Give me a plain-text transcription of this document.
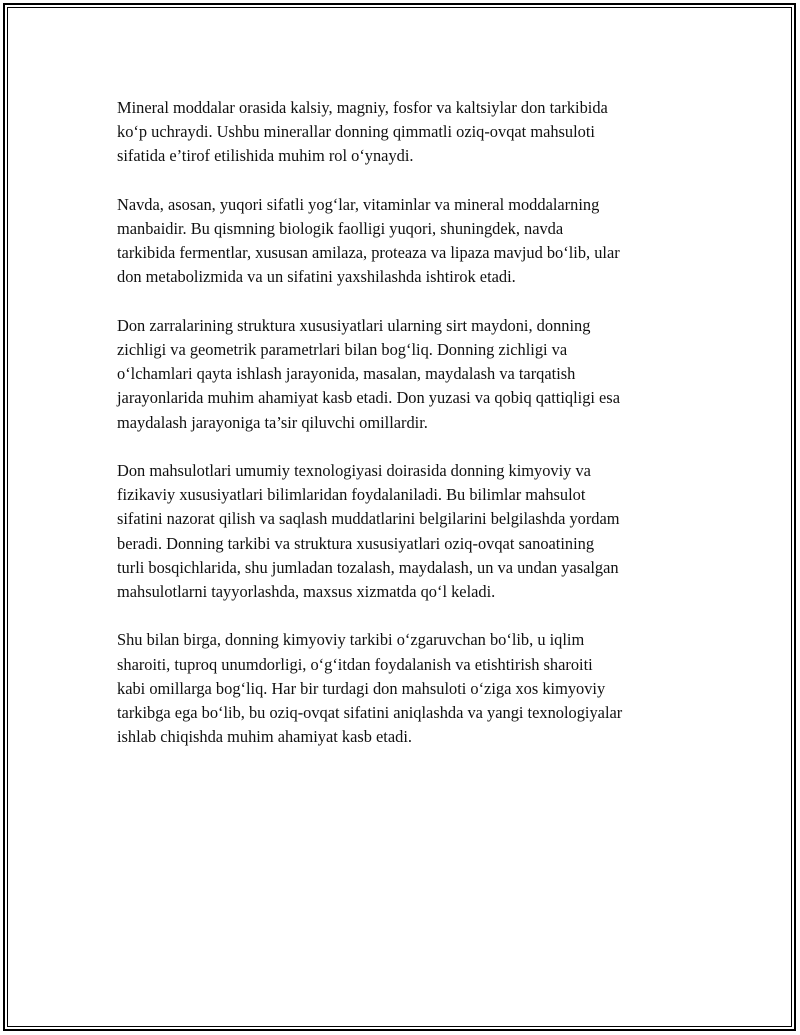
Mineral moddalar orasida kalsiy, magniy, fosfor va kaltsiylar don tarkibida
ko‘p uchraydi. Ushbu minerallar donning qimmatli oziq-ovqat mahsuloti
sifatida e’tirof etilishida muhim rol o‘ynaydi.

Navda, asosan, yuqori sifatli yog‘lar, vitaminlar va mineral moddalarning
manbaidir. Bu qismning biologik faolligi yuqori, shuningdek, navda
tarkibida fermentlar, xususan amilaza, proteaza va lipaza mavjud bo‘lib, ular
don metabolizmida va un sifatini yaxshilashda ishtirok etadi.

Don zarralarining struktura xususiyatlari ularning sirt maydoni, donning
zichligi va geometrik parametrlari bilan bog‘liq. Donning zichligi va
o‘lchamlari qayta ishlash jarayonida, masalan, maydalash va tarqatish
jarayonlarida muhim ahamiyat kasb etadi. Don yuzasi va qobiq qattiqligi esa
maydalash jarayoniga ta’sir qiluvchi omillardir.

Don mahsulotlari umumiy texnologiyasi doirasida donning kimyoviy va
fizikaviy xususiyatlari bilimlaridan foydalaniladi. Bu bilimlar mahsulot
sifatini nazorat qilish va saqlash muddatlarini belgilarini belgilashda yordam
beradi. Donning tarkibi va struktura xususiyatlari oziq-ovqat sanoatining
turli bosqichlarida, shu jumladan tozalash, maydalash, un va undan yasalgan
mahsulotlarni tayyorlashda, maxsus xizmatda qo‘l keladi.

Shu bilan birga, donning kimyoviy tarkibi o‘zgaruvchan bo‘lib, u iqlim
sharoiti, tuproq unumdorligi, o‘g‘itdan foydalanish va etishtirish sharoiti
kabi omillarga bog‘liq. Har bir turdagi don mahsuloti o‘ziga xos kimyoviy
tarkibga ega bo‘lib, bu oziq-ovqat sifatini aniqlashda va yangi texnologiyalar
ishlab chiqishda muhim ahamiyat kasb etadi.
